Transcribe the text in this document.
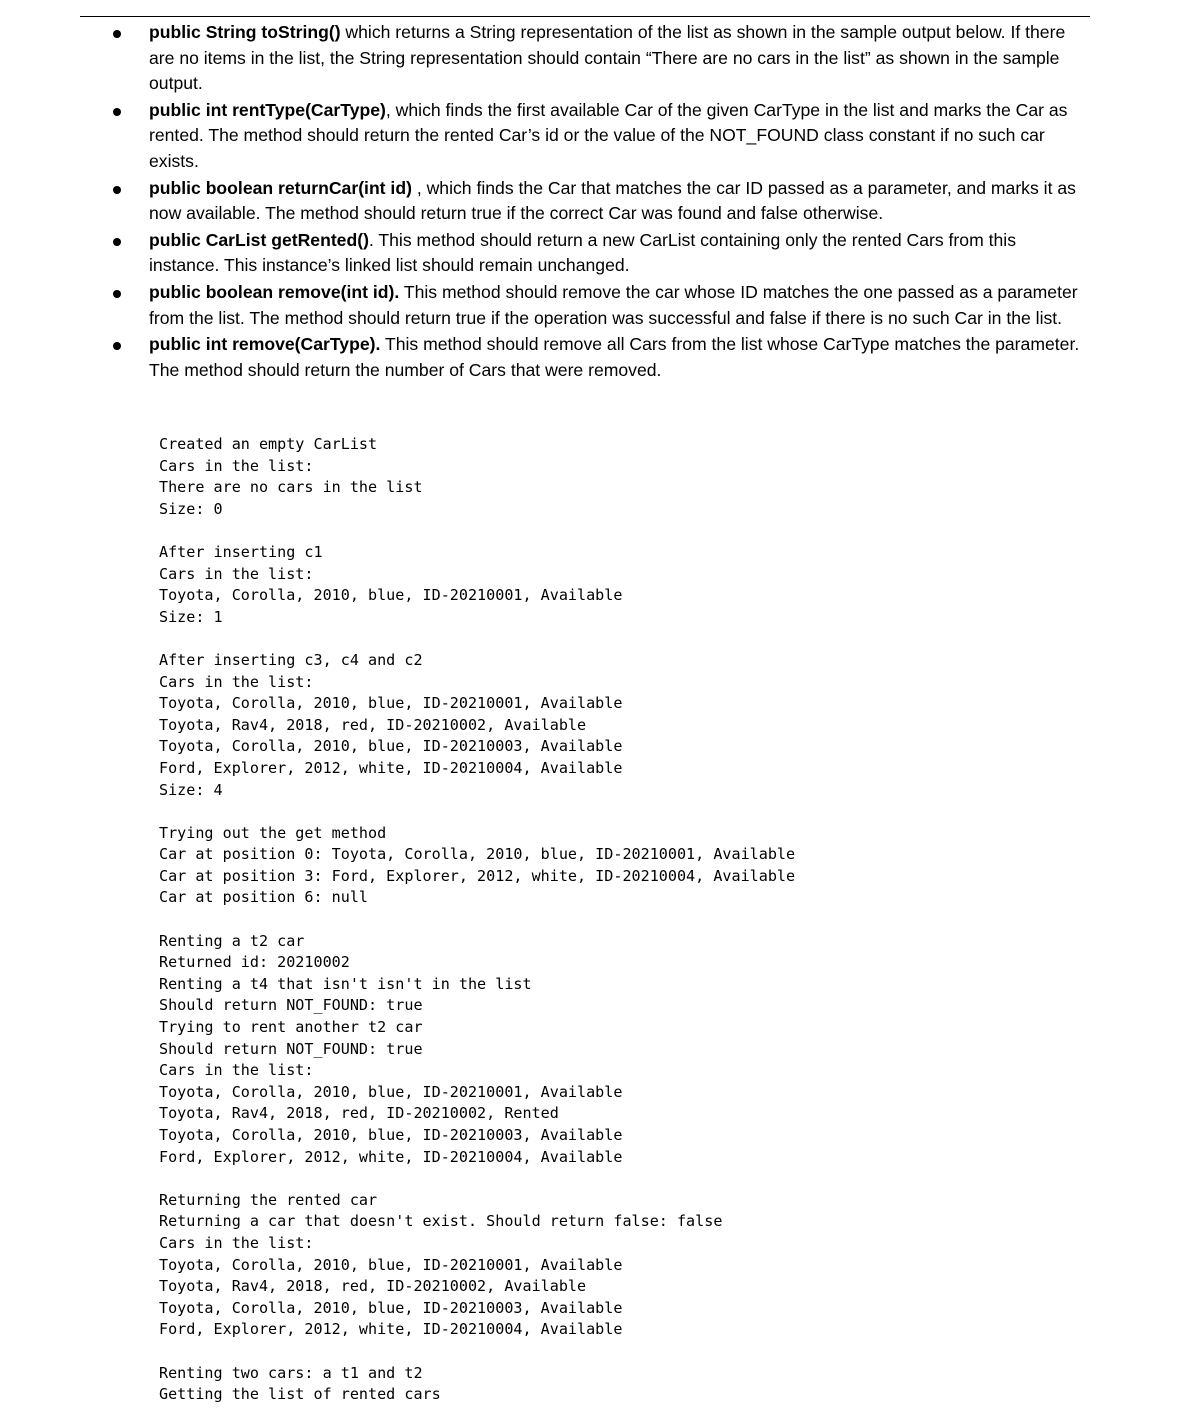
public String toString() which returns a String representation of the list as shown in the sample output below. If there are no items in the list, the String representation should contain “There are no cars in the list” as shown in the sample output.
public int rentType(CarType), which finds the first available Car of the given CarType in the list and marks the Car as rented. The method should return the rented Car’s id or the value of the NOT_FOUND class constant if no such car exists.
public boolean returnCar(int id) , which finds the Car that matches the car ID passed as a parameter, and marks it as now available. The method should return true if the correct Car was found and false otherwise.
public CarList getRented(). This method should return a new CarList containing only the rented Cars from this instance. This instance’s linked list should remain unchanged.
public boolean remove(int id). This method should remove the car whose ID matches the one passed as a parameter from the list. The method should return true if the operation was successful and false if there is no such Car in the list.
public int remove(CarType). This method should remove all Cars from the list whose CarType matches the parameter. The method should return the number of Cars that were removed.
Created an empty CarList
Cars in the list:
There are no cars in the list
Size: 0
After inserting c1
Cars in the list:
Toyota, Corolla, 2010, blue, ID-20210001, Available
Size: 1
After inserting c3, c4 and c2
Cars in the list:
Toyota, Corolla, 2010, blue, ID-20210001, Available
Toyota, Rav4, 2018, red, ID-20210002, Available
Toyota, Corolla, 2010, blue, ID-20210003, Available
Ford, Explorer, 2012, white, ID-20210004, Available
Size: 4
Trying out the get method
Car at position 0: Toyota, Corolla, 2010, blue, ID-20210001, Available
Car at position 3: Ford, Explorer, 2012, white, ID-20210004, Available
Car at position 6: null
Renting a t2 car
Returned id: 20210002
Renting a t4 that isn't isn't in the list
Should return NOT_FOUND: true
Trying to rent another t2 car
Should return NOT_FOUND: true
Cars in the list:
Toyota, Corolla, 2010, blue, ID-20210001, Available
Toyota, Rav4, 2018, red, ID-20210002, Rented
Toyota, Corolla, 2010, blue, ID-20210003, Available
Ford, Explorer, 2012, white, ID-20210004, Available
Returning the rented car
Returning a car that doesn't exist. Should return false: false
Cars in the list:
Toyota, Corolla, 2010, blue, ID-20210001, Available
Toyota, Rav4, 2018, red, ID-20210002, Available
Toyota, Corolla, 2010, blue, ID-20210003, Available
Ford, Explorer, 2012, white, ID-20210004, Available
Renting two cars: a t1 and t2
Getting the list of rented cars
